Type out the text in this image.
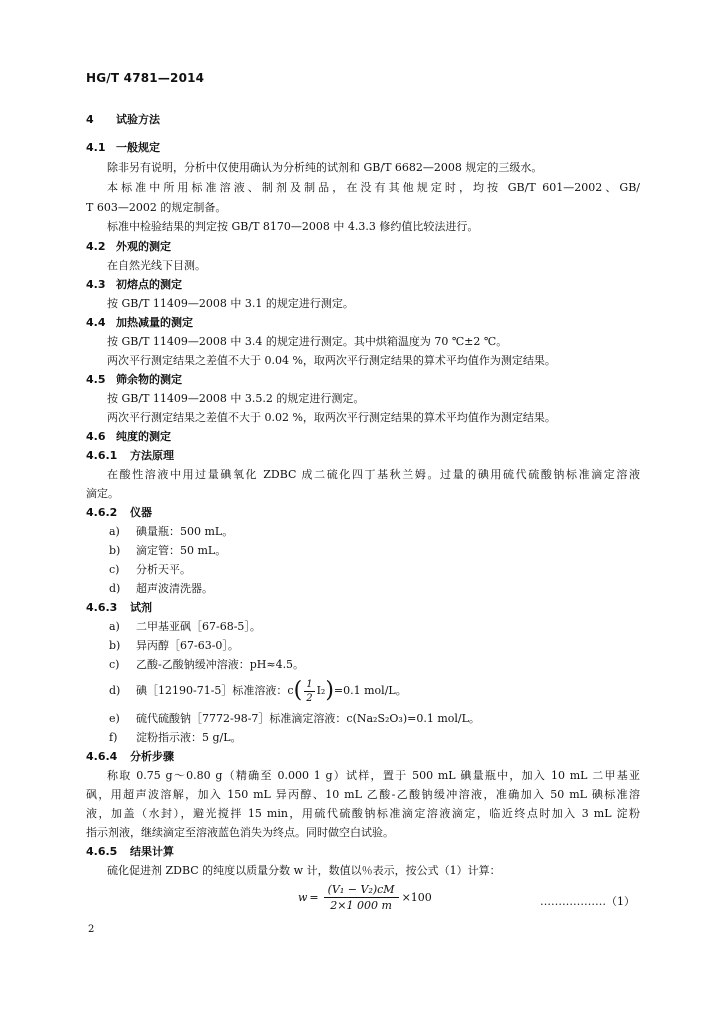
HG/T 4781—2014
4 试验方法
4.1 一般规定
除非另有说明，分析中仅使用确认为分析纯的试剂和 GB/T 6682—2008 规定的三级水。
本标准中所用标准溶液、制剂及制品，在没有其他规定时，均按 GB/T 601—2002、GB/
T 603—2002 的规定制备。
标准中检验结果的判定按 GB/T 8170—2008 中 4.3.3 修约值比较法进行。
4.2 外观的测定
在自然光线下目测。
4.3 初熔点的测定
按 GB/T 11409—2008 中 3.1 的规定进行测定。
4.4 加热减量的测定
按 GB/T 11409—2008 中 3.4 的规定进行测定。其中烘箱温度为 70 ℃±2 ℃。
两次平行测定结果之差值不大于 0.04 %，取两次平行测定结果的算术平均值作为测定结果。
4.5 筛余物的测定
按 GB/T 11409—2008 中 3.5.2 的规定进行测定。
两次平行测定结果之差值不大于 0.02 %，取两次平行测定结果的算术平均值作为测定结果。
4.6 纯度的测定
4.6.1 方法原理
在酸性溶液中用过量碘氧化 ZDBC 成二硫化四丁基秋兰姆。过量的碘用硫代硫酸钠标准滴定溶液
滴定。
4.6.2 仪器
a) 碘量瓶：500 mL。
b) 滴定管：50 mL。
c) 分析天平。
d) 超声波清洗器。
4.6.3 试剂
a) 二甲基亚砜［67-68-5］。
b) 异丙醇［67-63-0］。
c) 乙酸-乙酸钠缓冲溶液：pH≈4.5。
d) 碘［12190-71-5］标准溶液：$c( \frac{1}{2} I_2)=0.1$ mol/L。
e) 硫代硫酸钠［7772-98-7］标准滴定溶液：c(Na₂S₂O₃)=0.1 mol/L。
f) 淀粉指示液：5 g/L。
4.6.4 分析步骤
称取 0.75 g～0.80 g（精确至 0.000 1 g）试样，置于 500 mL 碘量瓶中，加入 10 mL 二甲基亚
砜，用超声波溶解，加入 150 mL 异丙醇、10 mL 乙酸-乙酸钠缓冲溶液，准确加入 50 mL 碘标准溶
液，加盖（水封），避光搅拌 15 min，用硫代硫酸钠标准滴定溶液滴定，临近终点时加入 3 mL 淀粉
指示剂液，继续滴定至溶液蓝色消失为终点。同时做空白试验。
4.6.5 结果计算
硫化促进剂 ZDBC 的纯度以质量分数 w 计，数值以％表示，按公式（1）计算：
$w = \frac{\text{(V₁ − V₂)cM}}{2\times 1 000 m} \times 100$	………………（1）
2
